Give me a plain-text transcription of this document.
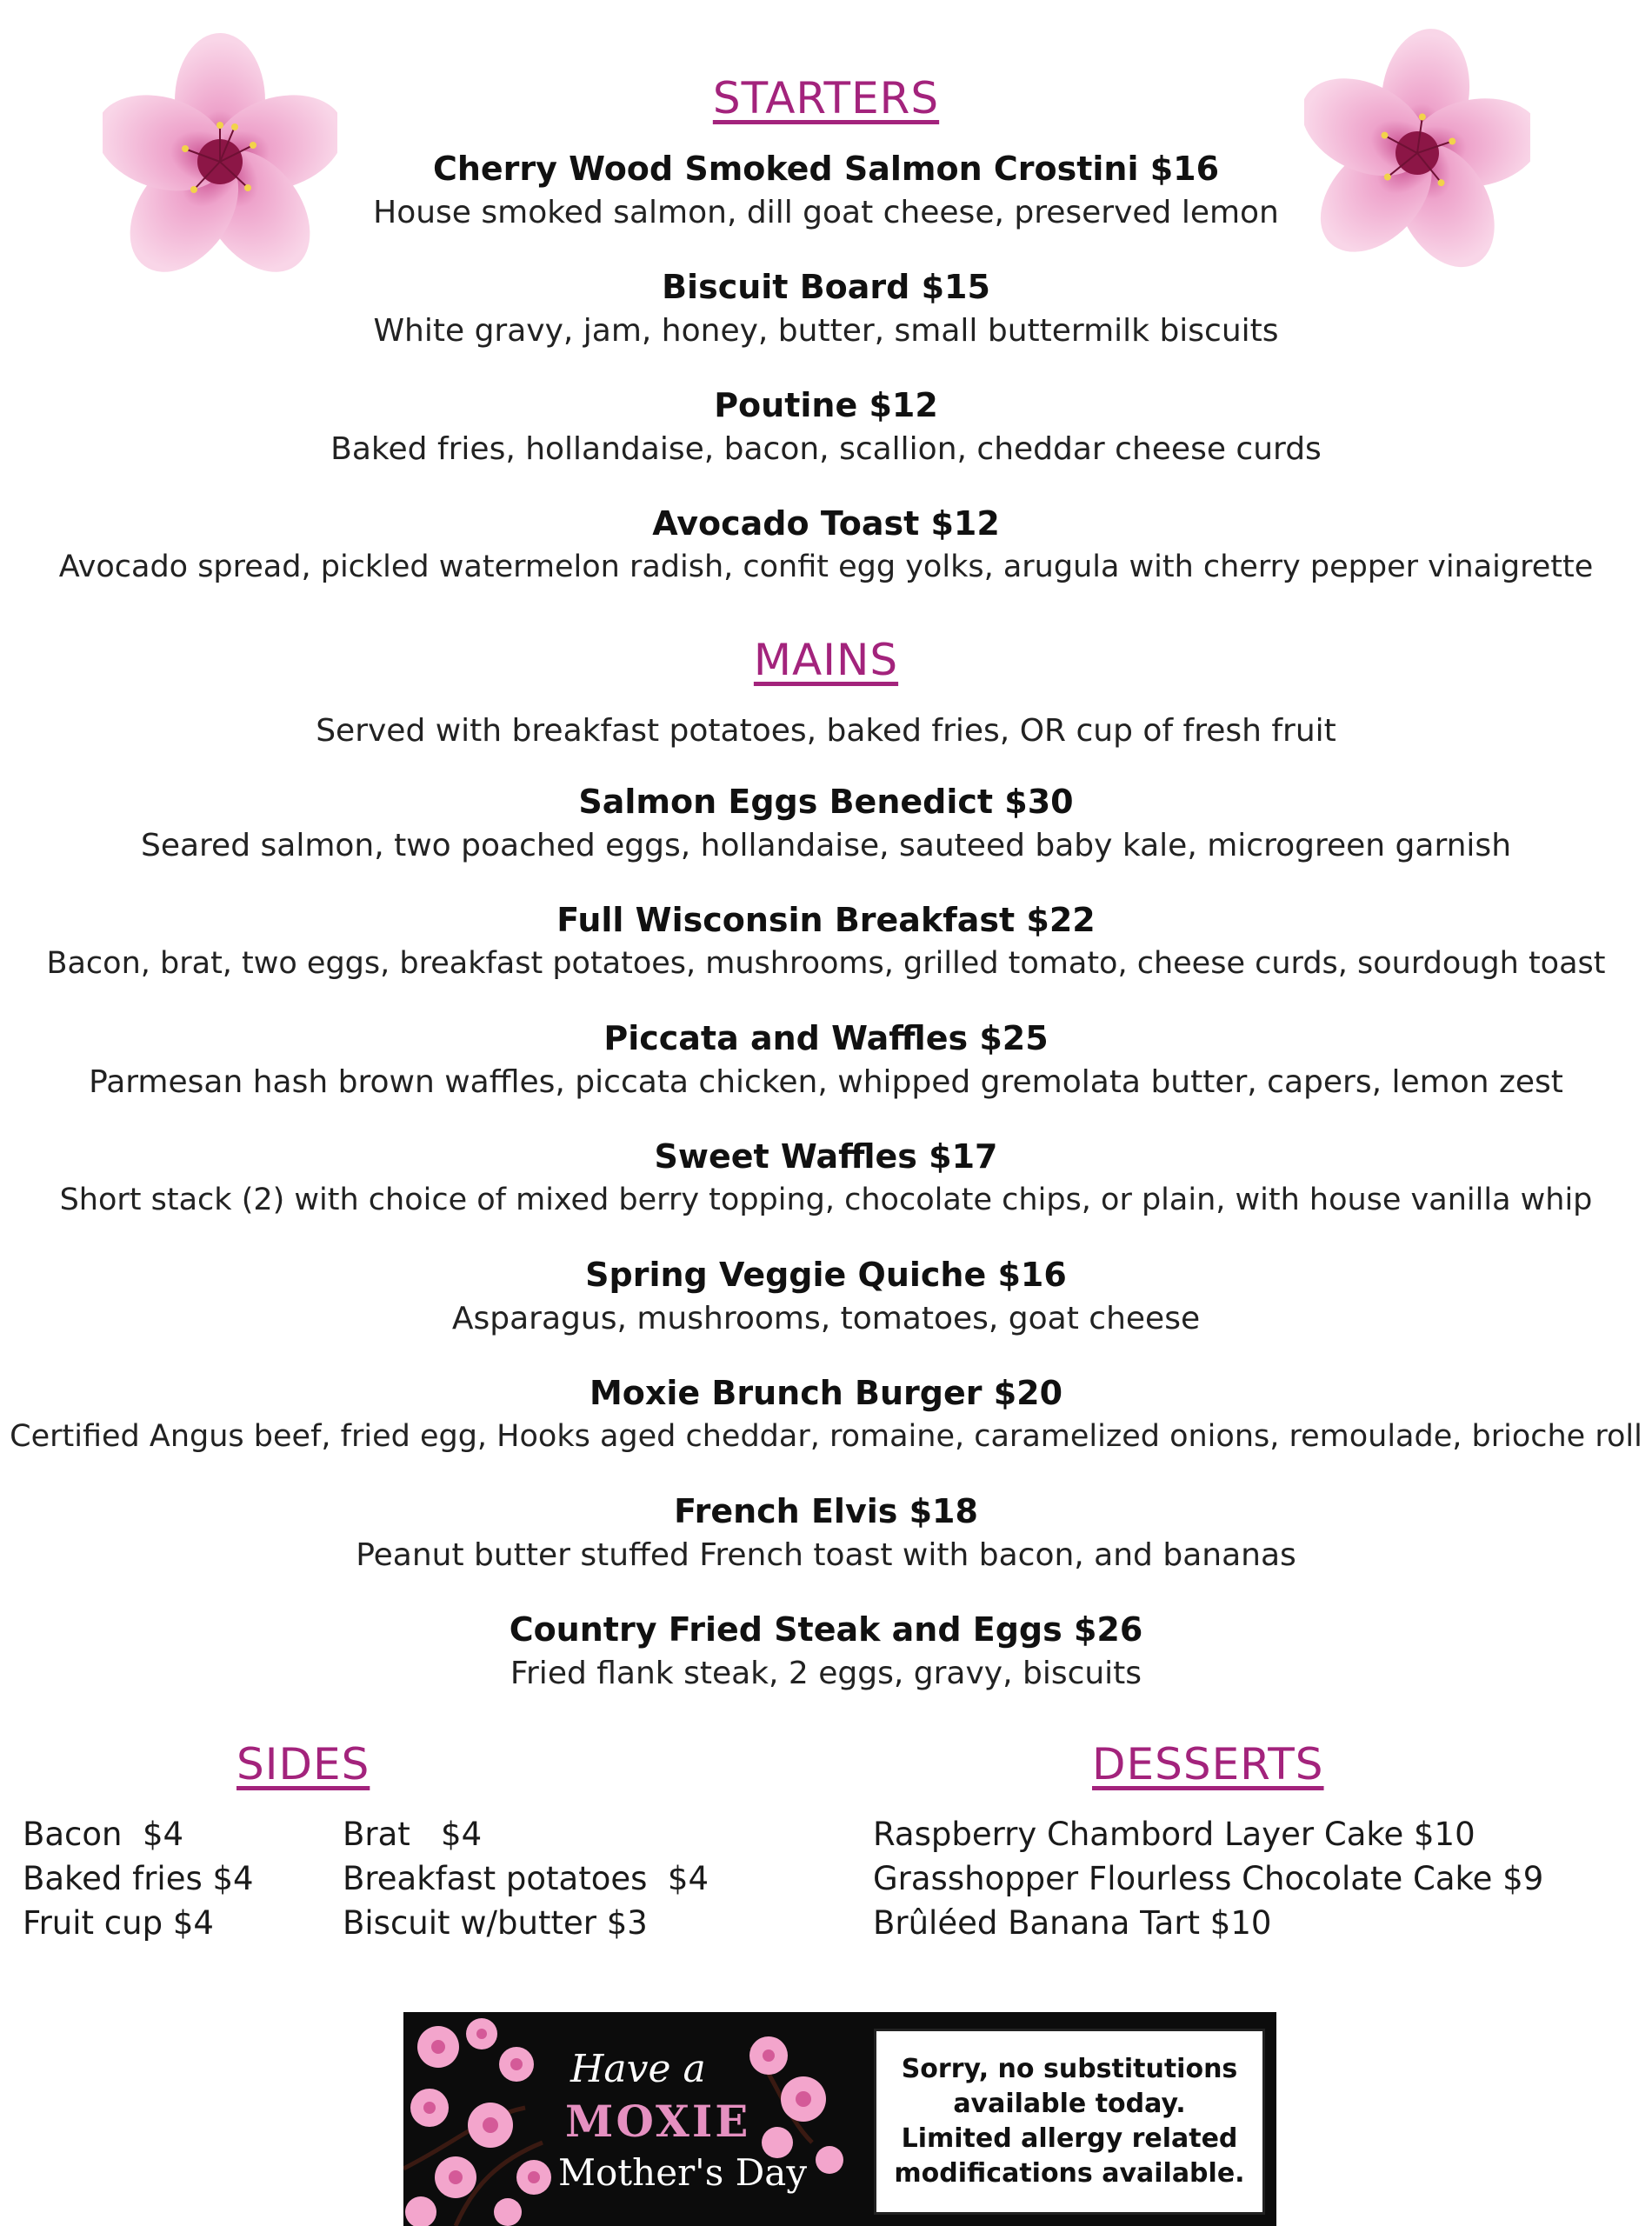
STARTERS
Cherry Wood Smoked Salmon Crostini $16
House smoked salmon, dill goat cheese, preserved lemon
Biscuit Board $15
White gravy, jam, honey, butter, small buttermilk biscuits
Poutine $12
Baked fries, hollandaise, bacon, scallion, cheddar cheese curds
Avocado Toast $12
Avocado spread, pickled watermelon radish, confit egg yolks, arugula with cherry pepper vinaigrette
MAINS
Served with breakfast potatoes, baked fries, OR cup of fresh fruit
Salmon Eggs Benedict $30
Seared salmon, two poached eggs, hollandaise, sauteed baby kale, microgreen garnish
Full Wisconsin Breakfast $22
Bacon, brat, two eggs, breakfast potatoes, mushrooms, grilled tomato, cheese curds, sourdough toast
Piccata and Waffles $25
Parmesan hash brown waffles, piccata chicken, whipped gremolata butter, capers, lemon zest
Sweet Waffles $17
Short stack (2) with choice of mixed berry topping, chocolate chips, or plain, with house vanilla whip
Spring Veggie Quiche $16
Asparagus, mushrooms, tomatoes, goat cheese
Moxie Brunch Burger $20
Certified Angus beef, fried egg, Hooks aged cheddar, romaine, caramelized onions, remoulade, brioche roll
French Elvis $18
Peanut butter stuffed French toast with bacon, and bananas
Country Fried Steak and Eggs $26
Fried flank steak, 2 eggs, gravy, biscuits
SIDES
Bacon  $4
Baked fries $4
Fruit cup $4
Brat   $4
Breakfast potatoes  $4
Biscuit w/butter $3
DESSERTS
Raspberry Chambord Layer Cake $10
Grasshopper Flourless Chocolate Cake $9
Brûléed Banana Tart $10
Have a
MOXIE
Mother's Day
Sorry, no substitutions
available today.
Limited allergy related
modifications available.
